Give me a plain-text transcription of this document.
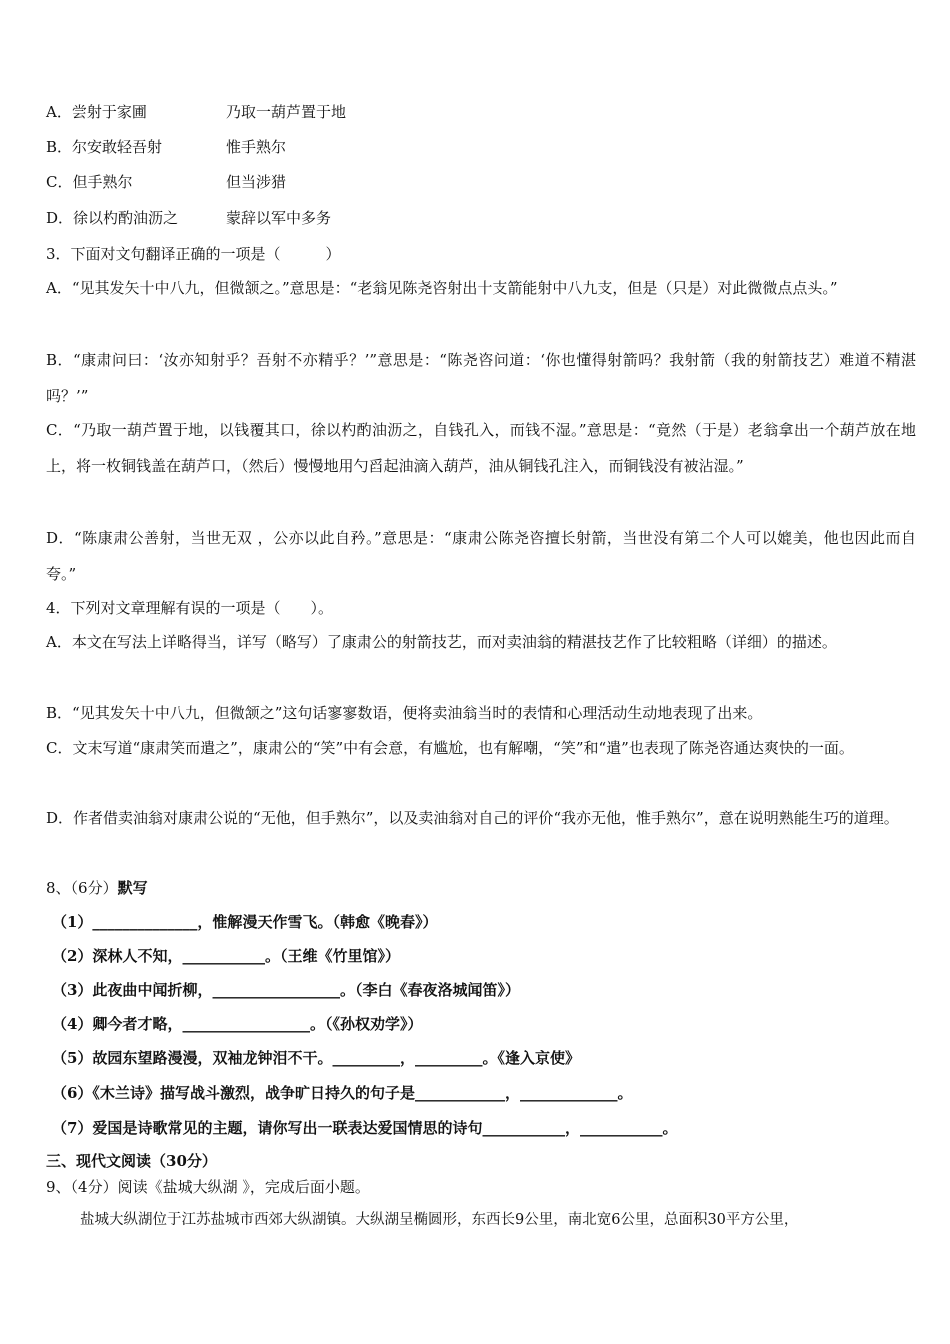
A．尝射于家圃	乃取一葫芦置于地
B．尔安敢轻吾射	惟手熟尔
C．但手熟尔	但当涉猎
D．徐以杓酌油沥之	蒙辞以军中多务
3．下面对文句翻译正确的一项是（　　　）
A．“见其发矢十中八九，但微颔之。”意思是：“老翁见陈尧咨射出十支箭能射中八九支，但是（只是）对此微微点点头。”
B．“康肃问曰：‘汝亦知射乎？吾射不亦精乎？’”意思是：“陈尧咨问道：‘你也懂得射箭吗？我射箭（我的射箭技艺）难道不精湛吗？’”
C．“乃取一葫芦置于地，以钱覆其口，徐以杓酌油沥之，自钱孔入，而钱不湿。”意思是：“竟然（于是）老翁拿出一个葫芦放在地上，将一枚铜钱盖在葫芦口，（然后）慢慢地用勺舀起油滴入葫芦，油从铜钱孔注入，而铜钱没有被沾湿。”
D．“陈康肃公善射，当世无双 ，公亦以此自矜。”意思是：“康肃公陈尧咨擅长射箭，当世没有第二个人可以媲美，他也因此而自夸。”
4．下列对文章理解有误的一项是（　　）。
A．本文在写法上详略得当，详写（略写）了康肃公的射箭技艺，而对卖油翁的精湛技艺作了比较粗略（详细）的描述。
B．“见其发矢十中八九，但微颔之”这句话寥寥数语，便将卖油翁当时的表情和心理活动生动地表现了出来。
C．文末写道“康肃笑而遣之”，康肃公的“笑”中有会意，有尴尬，也有解嘲，“笑”和“遣”也表现了陈尧咨通达爽快的一面。
D．作者借卖油翁对康肃公说的“无他，但手熟尔”，以及卖油翁对自己的评价“我亦无他，惟手熟尔”，意在说明熟能生巧的道理。
8、（6分）默写
（1）______________，惟解漫天作雪飞。（韩愈《晚春》）
（2）深林人不知，___________。（王维《竹里馆》）
（3）此夜曲中闻折柳，_________________。（李白《春夜洛城闻笛》）
（4）卿今者才略，_________________。（《孙权劝学》）
（5）故园东望路漫漫，双袖龙钟泪不干。_________，_________。《逢入京使》
（6）《木兰诗》描写战斗激烈，战争旷日持久的句子是____________，_____________。
（7）爱国是诗歌常见的主题，请你写出一联表达爱国情思的诗句___________，___________。
三、现代文阅读（30分）
9、（4分）阅读《盐城大纵湖 》，完成后面小题。
盐城大纵湖位于江苏盐城市西郊大纵湖镇。大纵湖呈椭圆形，东西长9公里，南北宽6公里，总面积30平方公里，
